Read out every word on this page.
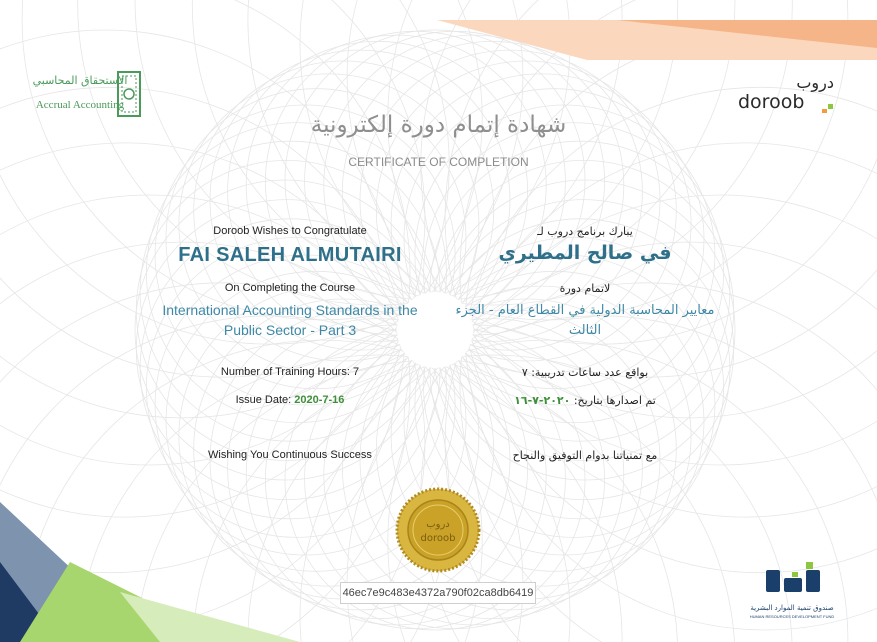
الاستحقاق المحاسبي
Accrual Accounting
دروب
doroob
شهادة إتمام دورة إلكترونية
CERTIFICATE OF COMPLETION
Doroob Wishes to Congratulate
FAI SALEH ALMUTAIRI
On Completing the Course
International Accounting Standards in the Public Sector - Part 3
Number of Training Hours: 7
Issue Date: 2020-7-16
Wishing You Continuous Success
يبارك برنامج دروب لـ
في صالح المطيري
لاتمام دورة
معايير المحاسبة الدولية في القطاع العام - الجزء الثالث
بواقع عدد ساعات تدريبية: ٧
تم اصدارها بتاريخ: ٢٠٢٠-٧-١٦
مع تمنياتنا بدوام التوفيق والنجاح
دروب
doroob
46ec7e9c483e4372a790f02ca8db6419
صندوق تنمية الموارد البشرية
HUMAN RESOURCES DEVELOPMENT FUND
